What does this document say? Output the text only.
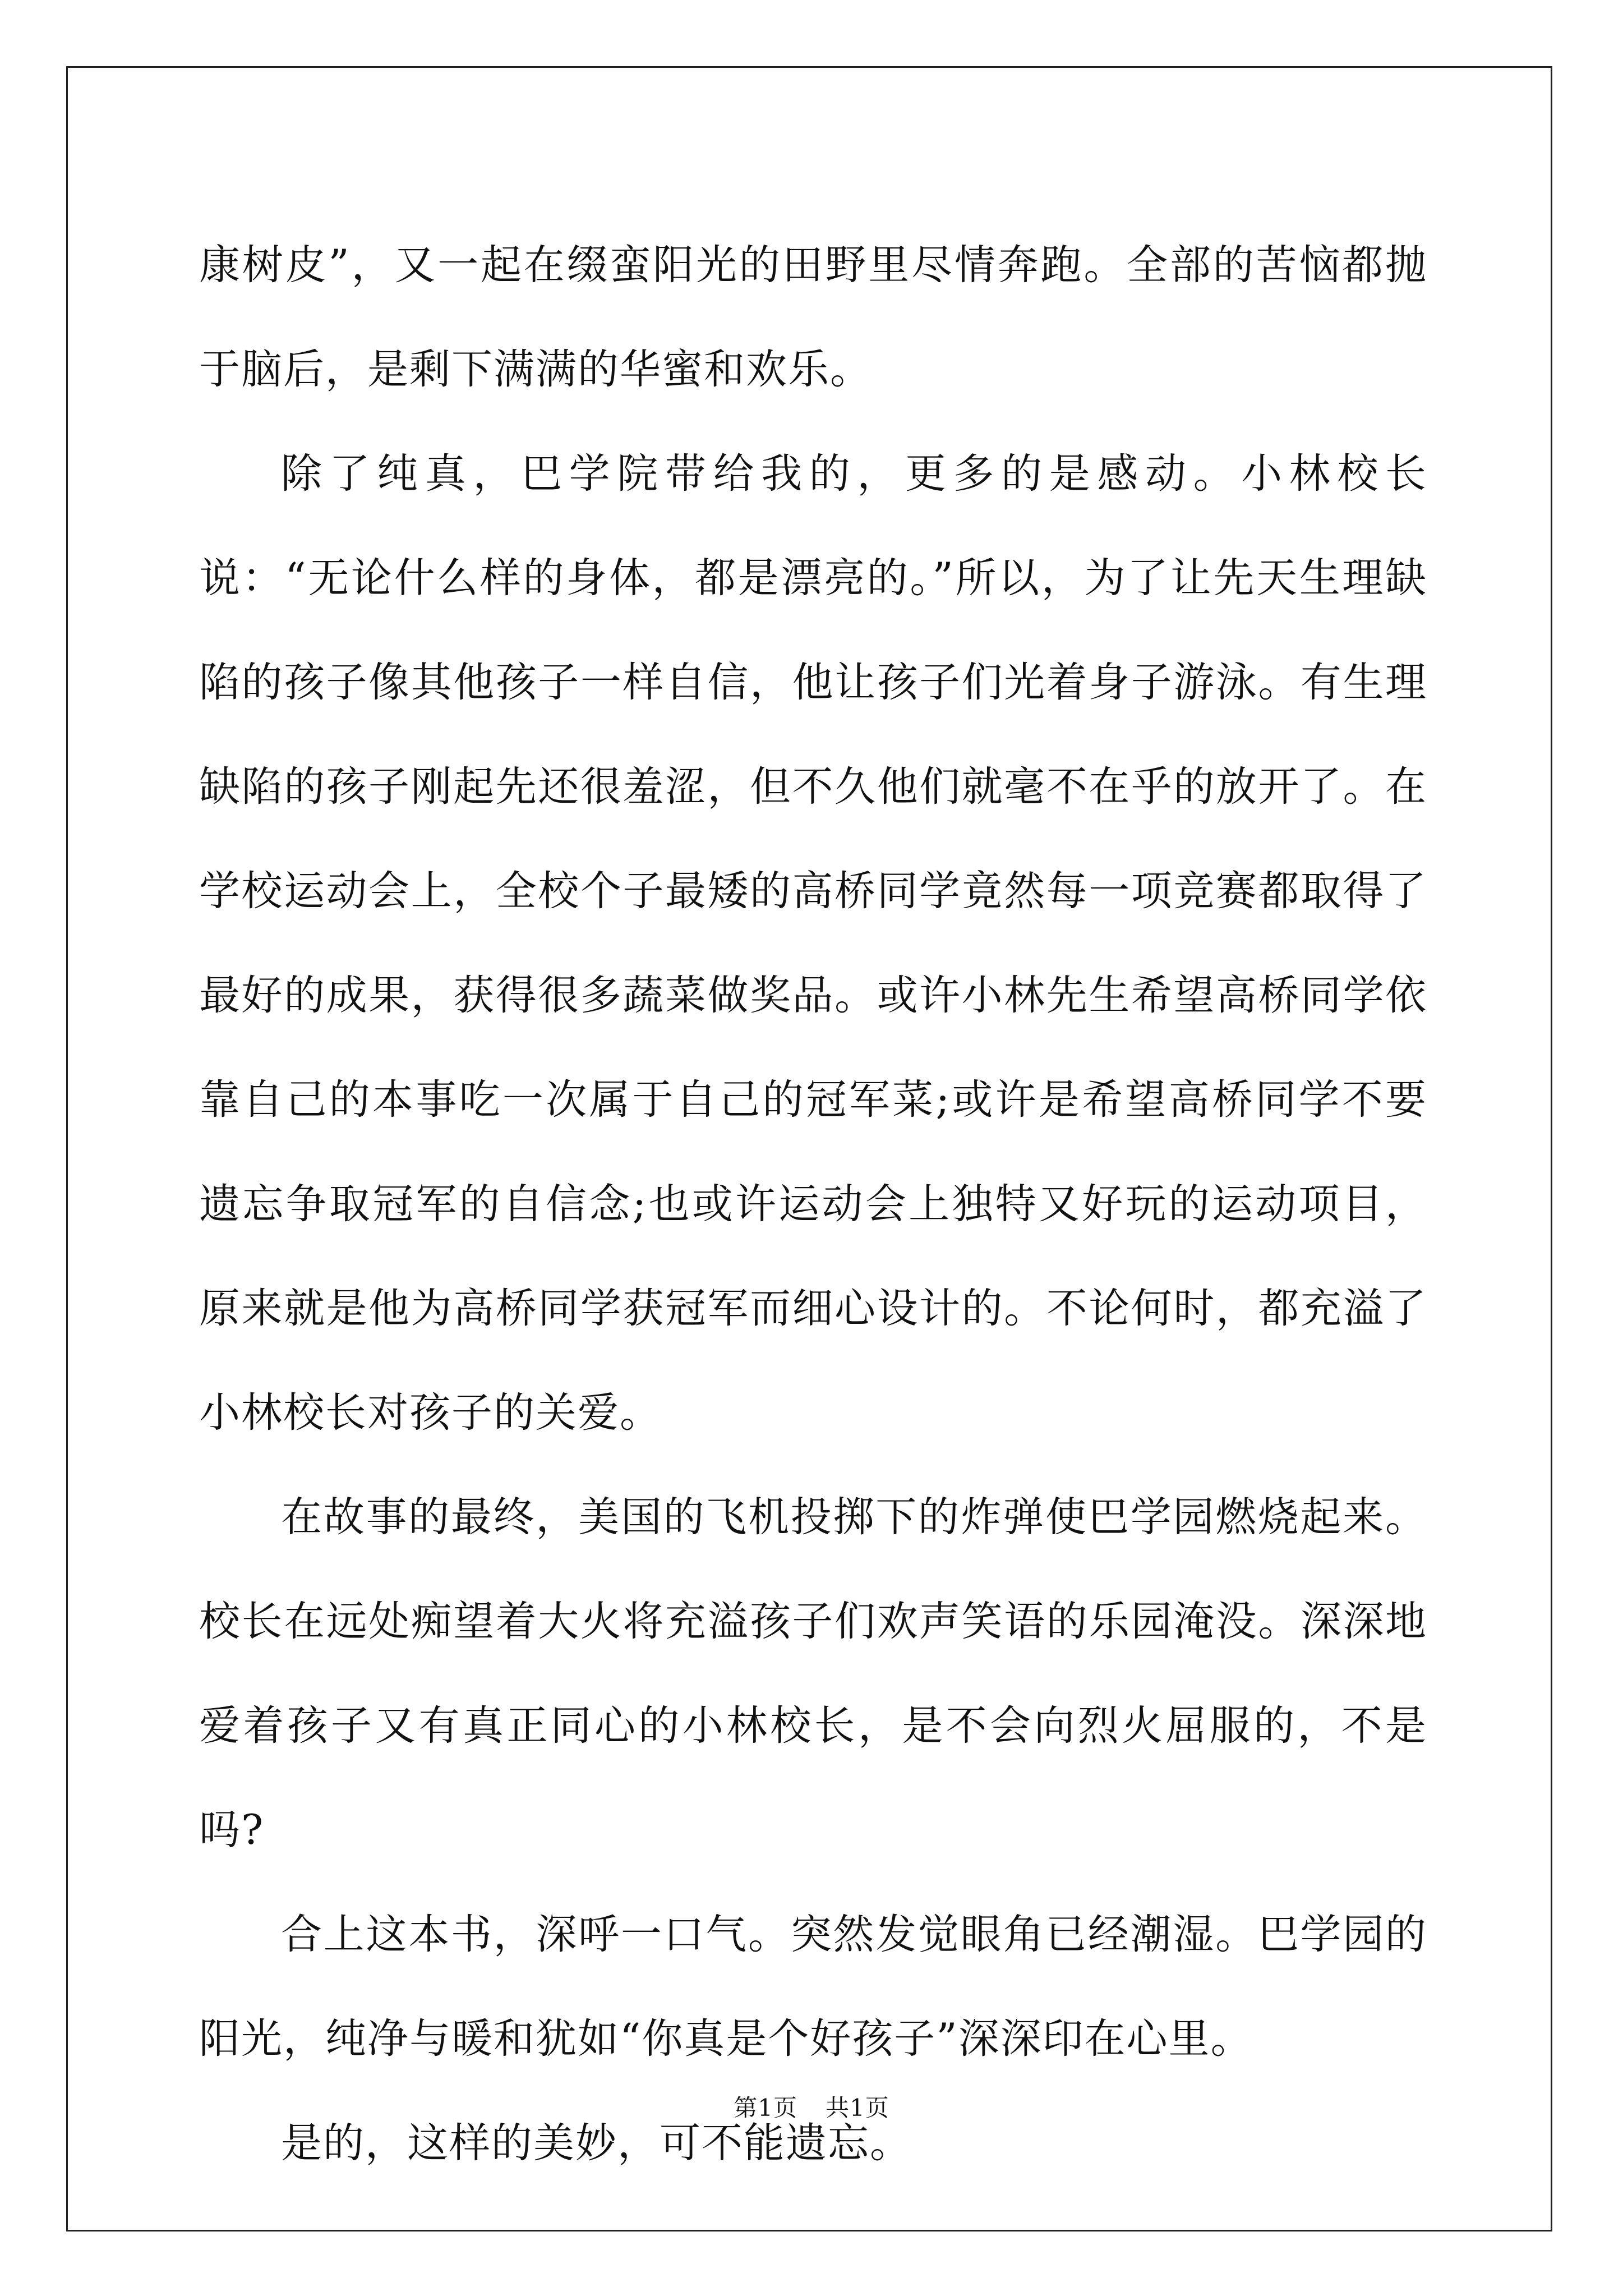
康树皮”，又一起在缀蛮阳光的田野里尽情奔跑。全部的苦恼都抛于脑后，是剩下满满的华蜜和欢乐。

除了纯真，巴学院带给我的，更多的是感动。小林校长说：“无论什么样的身体，都是漂亮的。”所以，为了让先天生理缺陷的孩子像其他孩子一样自信，他让孩子们光着身子游泳。有生理缺陷的孩子刚起先还很羞涩，但不久他们就毫不在乎的放开了。在学校运动会上，全校个子最矮的高桥同学竟然每一项竞赛都取得了最好的成果，获得很多蔬菜做奖品。或许小林先生希望高桥同学依靠自己的本事吃一次属于自己的冠军菜;或许是希望高桥同学不要遗忘争取冠军的自信念;也或许运动会上独特又好玩的运动项目，原来就是他为高桥同学获冠军而细心设计的。不论何时，都充溢了小林校长对孩子的关爱。

在故事的最终，美国的飞机投掷下的炸弹使巴学园燃烧起来。校长在远处痴望着大火将充溢孩子们欢声笑语的乐园淹没。深深地爱着孩子又有真正同心的小林校长，是不会向烈火屈服的，不是吗?

合上这本书，深呼一口气。突然发觉眼角已经潮湿。巴学园的阳光，纯净与暖和犹如“你真是个好孩子”深深印在心里。

是的，这样的美妙，可不能遗忘。

第1页 共1页
